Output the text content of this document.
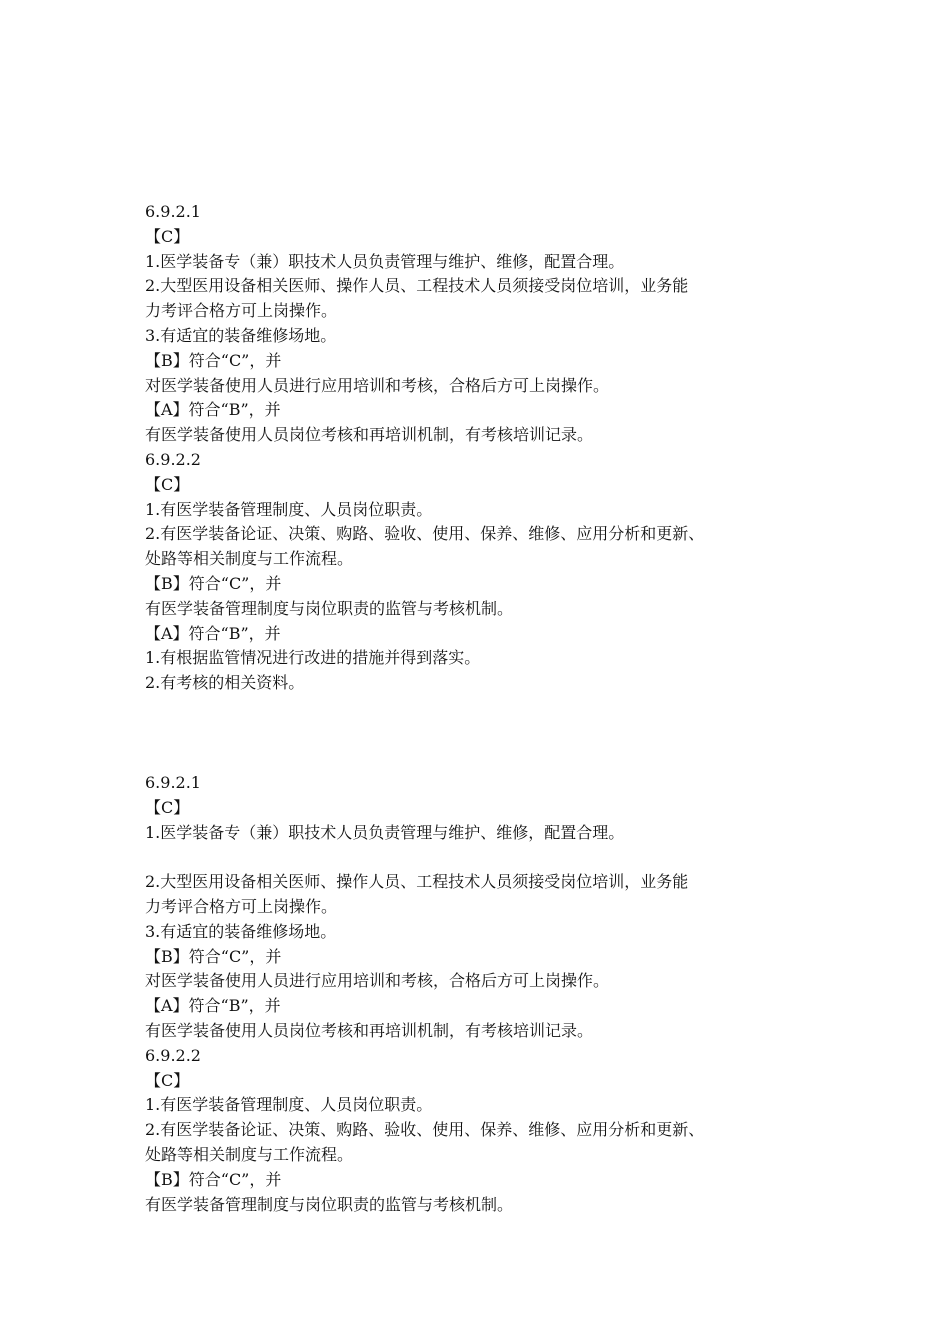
6.9.2.1
【C】
1.医学装备专（兼）职技术人员负责管理与维护、维修，配置合理。
2.大型医用设备相关医师、操作人员、工程技术人员须接受岗位培训，业务能
力考评合格方可上岗操作。
3.有适宜的装备维修场地。
【B】符合“C”，并
对医学装备使用人员进行应用培训和考核，合格后方可上岗操作。
【A】符合“B”，并
有医学装备使用人员岗位考核和再培训机制，有考核培训记录。
6.9.2.2
【C】
1.有医学装备管理制度、人员岗位职责。
2.有医学装备论证、决策、购路、验收、使用、保养、维修、应用分析和更新、
处路等相关制度与工作流程。
【B】符合“C”，并
有医学装备管理制度与岗位职责的监管与考核机制。
【A】符合“B”，并
1.有根据监管情况进行改进的措施并得到落实。
2.有考核的相关资料。
6.9.2.1
【C】
1.医学装备专（兼）职技术人员负责管理与维护、维修，配置合理。
2.大型医用设备相关医师、操作人员、工程技术人员须接受岗位培训，业务能
力考评合格方可上岗操作。
3.有适宜的装备维修场地。
【B】符合“C”，并
对医学装备使用人员进行应用培训和考核，合格后方可上岗操作。
【A】符合“B”，并
有医学装备使用人员岗位考核和再培训机制，有考核培训记录。
6.9.2.2
【C】
1.有医学装备管理制度、人员岗位职责。
2.有医学装备论证、决策、购路、验收、使用、保养、维修、应用分析和更新、
处路等相关制度与工作流程。
【B】符合“C”，并
有医学装备管理制度与岗位职责的监管与考核机制。
